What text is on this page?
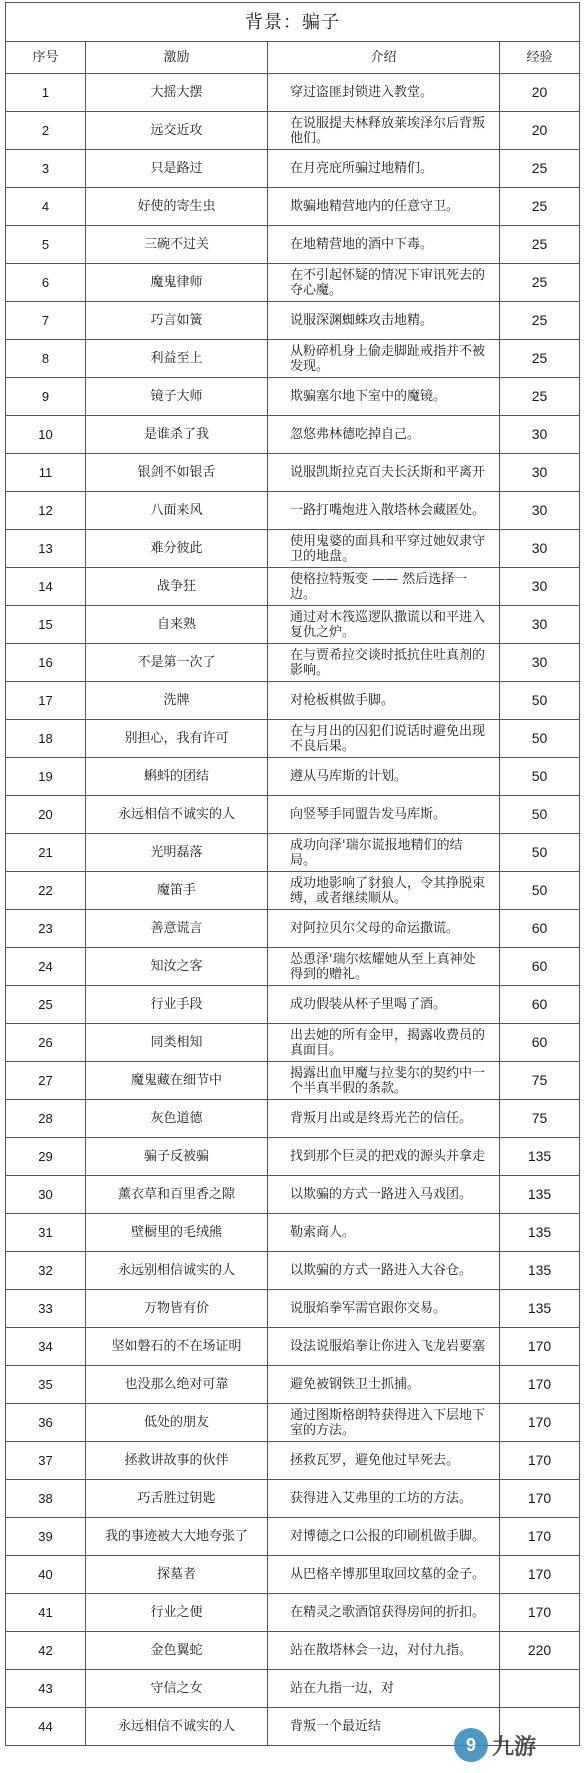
背景：骗子			
序号	激励	介绍	经验
1	大摇大摆	穿过盗匪封锁进入教堂。	20
2	远交近攻	在说服提夫林释放莱埃泽尔后背叛他们。	20
3	只是路过	在月亮庇所骗过地精们。	25
4	好使的寄生虫	欺骗地精营地内的任意守卫。	25
5	三碗不过关	在地精营地的酒中下毒。	25
6	魔鬼律师	在不引起怀疑的情况下审讯死去的夺心魔。	25
7	巧言如簧	说服深渊蜘蛛攻击地精。	25
8	利益至上	从粉碎机身上偷走脚趾戒指并不被发现。	25
9	镜子大师	欺骗塞尔地下室中的魔镜。	25
10	是谁杀了我	忽悠弗林德吃掉自己。	30
11	银剑不如银舌	说服凯斯拉克百夫长沃斯和平离开	30
12	八面来风	一路打嘴炮进入散塔林会藏匿处。	30
13	难分彼此	使用鬼婆的面具和平穿过她奴隶守卫的地盘。	30
14	战争狂	使格拉特叛变 —— 然后选择一边。	30
15	自来熟	通过对木筏巡逻队撒谎以和平进入复仇之炉。	30
16	不是第一次了	在与贾希拉交谈时抵抗住吐真剂的影响。	30
17	洗牌	对枪板棋做手脚。	50
18	别担心，我有许可	在与月出的囚犯们说话时避免出现不良后果。	50
19	蝌蚪的团结	遵从马库斯的计划。	50
20	永远相信不诚实的人	向竖琴手同盟告发马库斯。	50
21	光明磊落	成功向泽'瑞尔谎报地精们的结局。	50
22	魔笛手	成功地影响了豺狼人，令其挣脱束缚，或者继续顺从。	50
23	善意谎言	对阿拉贝尔父母的命运撒谎。	60
24	知汝之客	怂恿泽'瑞尔炫耀她从至上真神处得到的赠礼。	60
25	行业手段	成功假装从杯子里喝了酒。	60
26	同类相知	出去她的所有金甲，揭露收费员的真面目。	60
27	魔鬼藏在细节中	揭露出血甲魔与拉斐尔的契约中一个半真半假的条款。	75
28	灰色道德	背叛月出或是终焉光芒的信任。	75
29	骗子反被骗	找到那个巨灵的把戏的源头并拿走	135
30	薰衣草和百里香之隙	以欺骗的方式一路进入马戏团。	135
31	壁橱里的毛绒熊	勒索商人。	135
32	永远别相信诚实的人	以欺骗的方式一路进入大谷仓。	135
33	万物皆有价	说服焰拳军需官跟你交易。	135
34	坚如磐石的不在场证明	设法说服焰拳让你进入飞龙岩要塞	170
35	也没那么绝对可靠	避免被钢铁卫士抓捕。	170
36	低处的朋友	通过图斯格朗特获得进入下层地下室的方法。	170
37	拯救讲故事的伙伴	拯救瓦罗，避免他过早死去。	170
38	巧舌胜过钥匙	获得进入艾弗里的工坊的方法。	170
39	我的事迹被大大地夸张了	对博德之口公报的印刷机做手脚。	170
40	探墓者	从巴格辛博那里取回坟墓的金子。	170
41	行业之便	在精灵之歌酒馆获得房间的折扣。	170
42	金色翼蛇	站在散塔林会一边，对付九指。	220
43	守信之女	站在九指一边，对	
44	永远相信不诚实的人	背叛一个最近结	
9 九游
